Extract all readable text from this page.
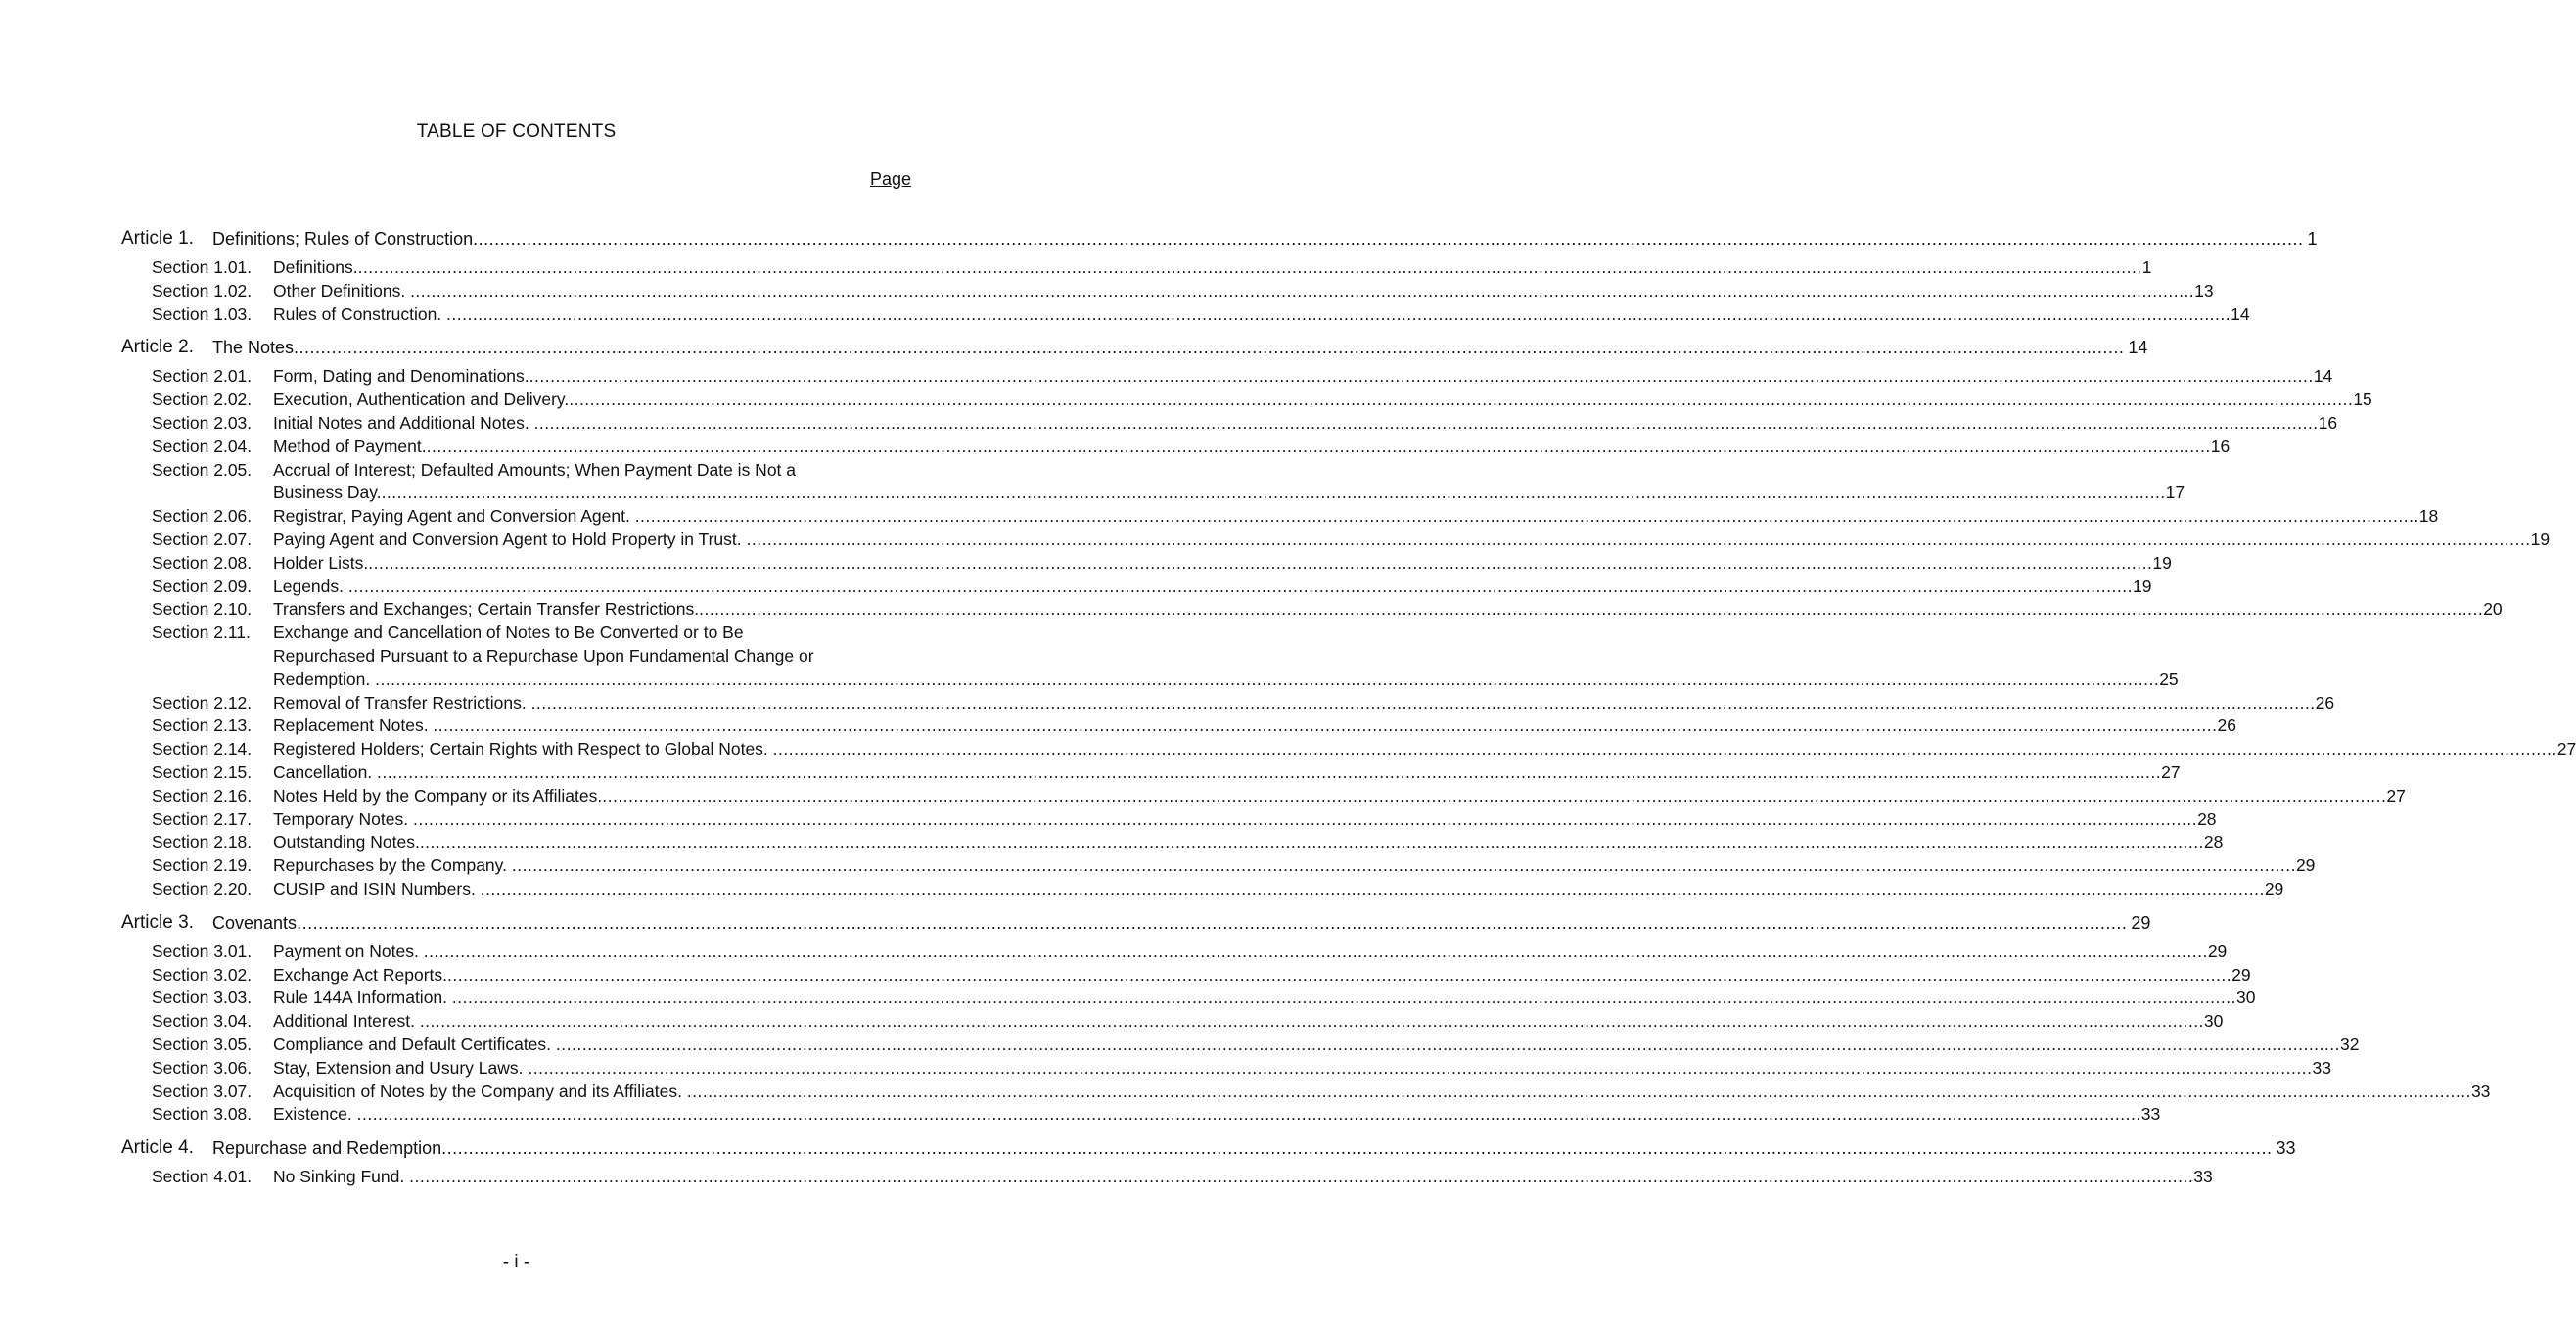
TABLE OF CONTENTS
Page
Article 1. Definitions; Rules of Construction .....	1
Section 1.01. Definitions. .....	1
Section 1.02. Other Definitions. .....	13
Section 1.03. Rules of Construction. .....	14
Article 2. The Notes .....	14
Section 2.01. Form, Dating and Denominations. .....	14
Section 2.02. Execution, Authentication and Delivery. .....	15
Section 2.03. Initial Notes and Additional Notes. .....	16
Section 2.04. Method of Payment. .....	16
Section 2.05. Accrual of Interest; Defaulted Amounts; When Payment Date is Not a
Business Day. .....	17
Section 2.06. Registrar, Paying Agent and Conversion Agent. .....	18
Section 2.07. Paying Agent and Conversion Agent to Hold Property in Trust. .....	19
Section 2.08. Holder Lists. .....	19
Section 2.09. Legends. .....	19
Section 2.10. Transfers and Exchanges; Certain Transfer Restrictions. .....	20
Section 2.11. Exchange and Cancellation of Notes to Be Converted or to Be
Repurchased Pursuant to a Repurchase Upon Fundamental Change or
Redemption. .....	25
Section 2.12. Removal of Transfer Restrictions. .....	26
Section 2.13. Replacement Notes. .....	26
Section 2.14. Registered Holders; Certain Rights with Respect to Global Notes. .....	27
Section 2.15. Cancellation. .....	27
Section 2.16. Notes Held by the Company or its Affiliates. .....	27
Section 2.17. Temporary Notes. .....	28
Section 2.18. Outstanding Notes. .....	28
Section 2.19. Repurchases by the Company. .....	29
Section 2.20. CUSIP and ISIN Numbers. .....	29
Article 3. Covenants .....	29
Section 3.01. Payment on Notes. .....	29
Section 3.02. Exchange Act Reports. .....	29
Section 3.03. Rule 144A Information. .....	30
Section 3.04. Additional Interest. .....	30
Section 3.05. Compliance and Default Certificates. .....	32
Section 3.06. Stay, Extension and Usury Laws. .....	33
Section 3.07. Acquisition of Notes by the Company and its Affiliates. .....	33
Section 3.08. Existence. .....	33
Article 4. Repurchase and Redemption .....	33
Section 4.01. No Sinking Fund. .....	33
- i -
